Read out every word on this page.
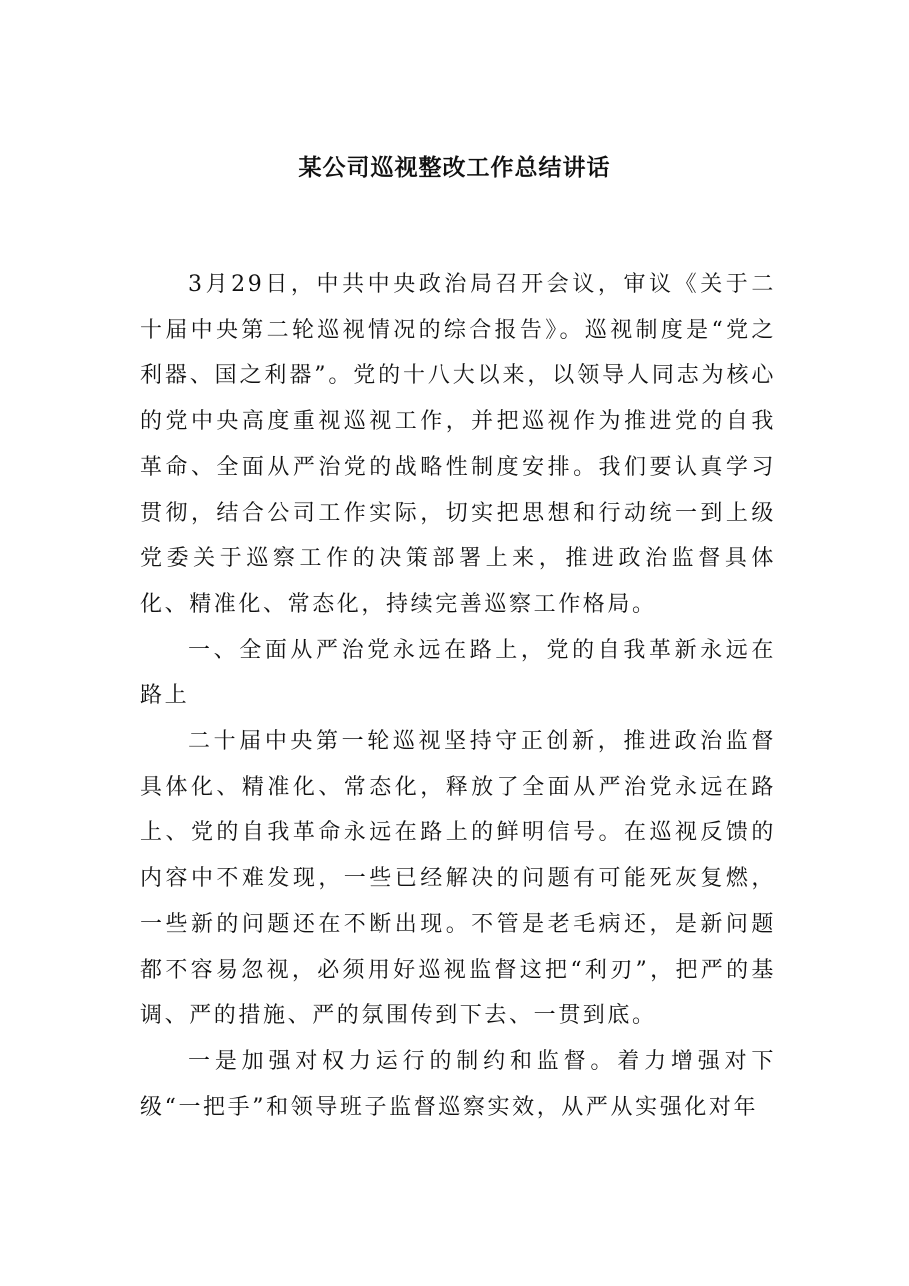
某公司巡视整改工作总结讲话

3月29日，中共中央政治局召开会议，审议《关于二十届中央第二轮巡视情况的综合报告》。巡视制度是“党之利器、国之利器”。党的十八大以来，以领导人同志为核心的党中央高度重视巡视工作，并把巡视作为推进党的自我革命、全面从严治党的战略性制度安排。我们要认真学习贯彻，结合公司工作实际，切实把思想和行动统一到上级党委关于巡察工作的决策部署上来，推进政治监督具体化、精准化、常态化，持续完善巡察工作格局。

一、全面从严治党永远在路上，党的自我革新永远在路上

二十届中央第一轮巡视坚持守正创新，推进政治监督具体化、精准化、常态化，释放了全面从严治党永远在路上、党的自我革命永远在路上的鲜明信号。在巡视反馈的内容中不难发现，一些已经解决的问题有可能死灰复燃，一些新的问题还在不断出现。不管是老毛病还，是新问题都不容易忽视，必须用好巡视监督这把“利刃”，把严的基调、严的措施、严的氛围传到下去、一贯到底。

一是加强对权力运行的制约和监督。着力增强对下级“一把手”和领导班子监督巡察实效，从严从实强化对年
